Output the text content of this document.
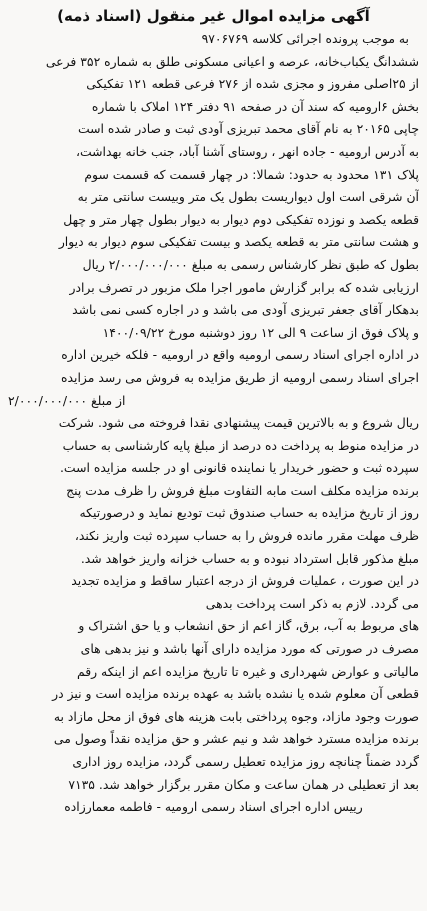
آگهی مزایده اموال غیر منقول (اسناد ذمه)
به موجب پرونده اجرائی کلاسه ۹۷۰۶۷۶۹
ششدانگ یکباب‌خانه، عرصه و اعیانی مسکونی طلق به شماره ۳۵۲ فرعی
از ۲۵اصلی مفروز و مجزی شده از ۲۷۶ فرعی قطعه ۱۲۱ تفکیکی
بخش ۶ارومیه که سند آن در صفحه ۹۱ دفتر ۱۲۴ املاک با شماره
چاپی ۲۰۱۶۵ به نام آقای محمد تبریزی آودی ثبت و صادر شده است
به آدرس ارومیه - جاده انهر ، روستای آشنا آباد، جنب خانه بهداشت،
پلاک ۱۳۱ محدود به حدود: شمالا: در چهار قسمت که قسمت سوم
آن شرقی است اول دیواریست بطول یک متر وبیست سانتی متر به
قطعه یکصد و نوزده تفکیکی دوم دیوار به دیوار بطول چهار متر و چهل
و هشت سانتی متر به قطعه یکصد و بیست تفکیکی سوم دیوار به دیوار
بطول که طبق نظر کارشناس رسمی به مبلغ ۲/۰۰۰/۰۰۰/۰۰۰ ریال
ارزیابی شده که برابر گزارش مامور اجرا ملک مزبور در تصرف برادر
بدهکار آقای جعفر تبریزی آودی می باشد و در اجاره کسی نمی باشد
و پلاک فوق از ساعت ۹ الی ۱۲ روز دوشنبه مورخ ۱۴۰۰/۰۹/۲۲
در اداره اجرای اسناد رسمی ارومیه واقع در ارومیه - فلکه خیرین اداره
اجرای اسناد رسمی ارومیه از طریق مزایده به فروش می رسد مزایده
از مبلغ ۲/۰۰۰/۰۰۰/۰۰۰
ریال شروع و به بالاترین قیمت پیشنهادی نقدا فروخته می شود. شرکت
در مزایده منوط به پرداخت ده درصد از مبلغ پایه کارشناسی به حساب
سپرده ثبت و حضور خریدار یا نماینده قانونی او در جلسه مزایده است.
برنده مزایده مکلف است مابه التفاوت مبلغ فروش را ظرف مدت پنج
روز از تاریخ مزایده به حساب صندوق ثبت تودیع نماید و درصورتیکه
ظرف مهلت مقرر مانده فروش را به حساب سپرده ثبت واریز نکند،
مبلغ مذکور قابل استرداد نبوده و به حساب خزانه واریز خواهد شد.
در این صورت ، عملیات فروش از درجه اعتبار ساقط و مزایده تجدید
می گردد. لازم به ذکر است پرداخت بدهی
های مربوط به آب، برق، گاز اعم از حق انشعاب و یا حق اشتراک و
مصرف در صورتی که مورد مزایده دارای آنها باشد و نیز بدهی های
مالیاتی و عوارض شهرداری و غیره تا تاریخ مزایده اعم از اینکه رقم
قطعی آن معلوم شده یا نشده باشد به عهده برنده مزایده است و نیز در
صورت وجود مازاد، وجوه پرداختی بابت هزینه های فوق از محل مازاد به
برنده مزایده مسترد خواهد شد و نیم عشر و حق مزایده نقداً وصول می
گردد ضمناً چنانچه روز مزایده تعطیل رسمی گردد، مزایده روز اداری
بعد از تعطیلی در همان ساعت و مکان مقرر برگزار خواهد شد. ۷۱۳۵
رییس اداره اجرای اسناد رسمی ارومیه - فاطمه معمارزاده
